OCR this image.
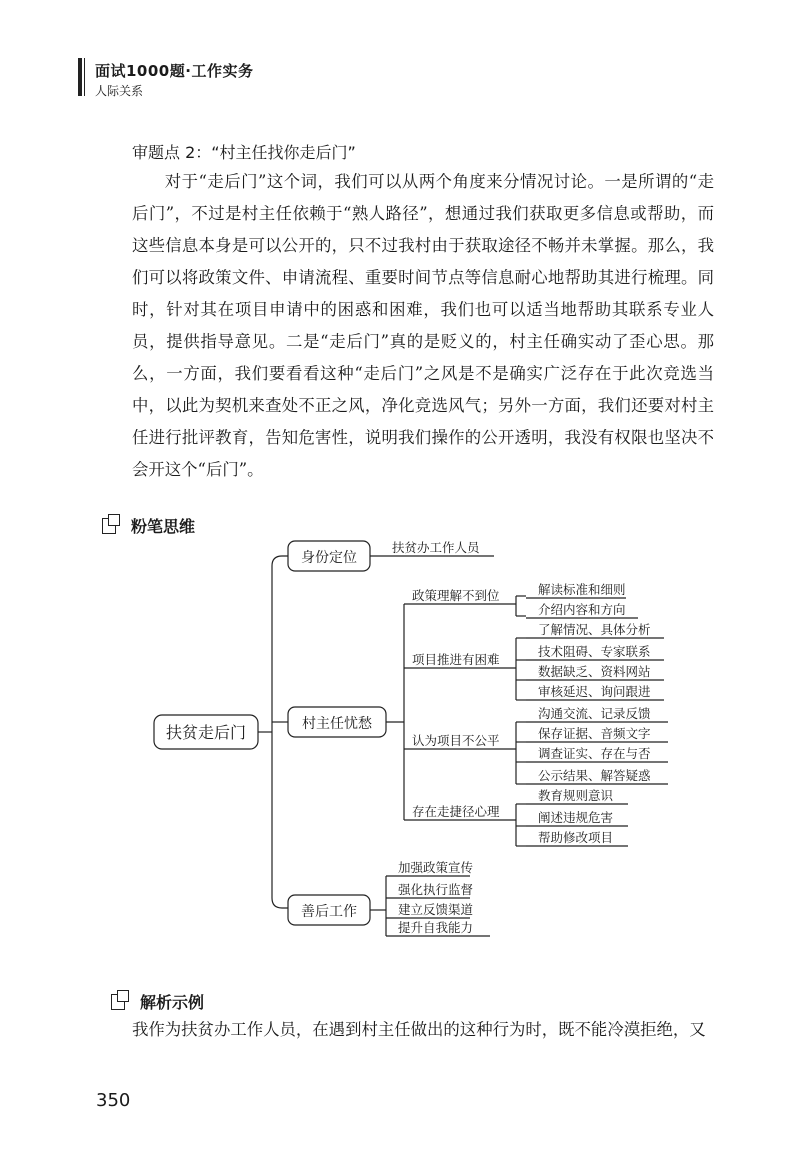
面试1000题·工作实务
人际关系
审题点 2：“村主任找你走后门”

对于“走后门”这个词，我们可以从两个角度来分情况讨论。一是所谓的“走后门”，不过是村主任依赖于“熟人路径”，想通过我们获取更多信息或帮助，而这些信息本身是可以公开的，只不过我村由于获取途径不畅并未掌握。那么，我们可以将政策文件、申请流程、重要时间节点等信息耐心地帮助其进行梳理。同时，针对其在项目申请中的困惑和困难，我们也可以适当地帮助其联系专业人员，提供指导意见。二是“走后门”真的是贬义的，村主任确实动了歪心思。那么，一方面，我们要看看这种“走后门”之风是不是确实广泛存在于此次竞选当中，以此为契机来查处不正之风，净化竞选风气；另外一方面，我们还要对村主任进行批评教育，告知危害性，说明我们操作的公开透明，我没有权限也坚决不会开这个“后门”。

粉笔思维
扶贫走后门
身份定位
村主任忧愁
善后工作
扶贫办工作人员
政策理解不到位
项目推进有困难
认为项目不公平
存在走捷径心理
解读标准和细则
介绍内容和方向
了解情况、具体分析
技术阻碍、专家联系
数据缺乏、资料网站
审核延迟、询问跟进
沟通交流、记录反馈
保存证据、音频文字
调查证实、存在与否
公示结果、解答疑惑
教育规则意识
阐述违规危害
帮助修改项目
加强政策宣传
强化执行监督
建立反馈渠道
提升自我能力
解析示例
我作为扶贫办工作人员，在遇到村主任做出的这种行为时，既不能冷漠拒绝，又
350
